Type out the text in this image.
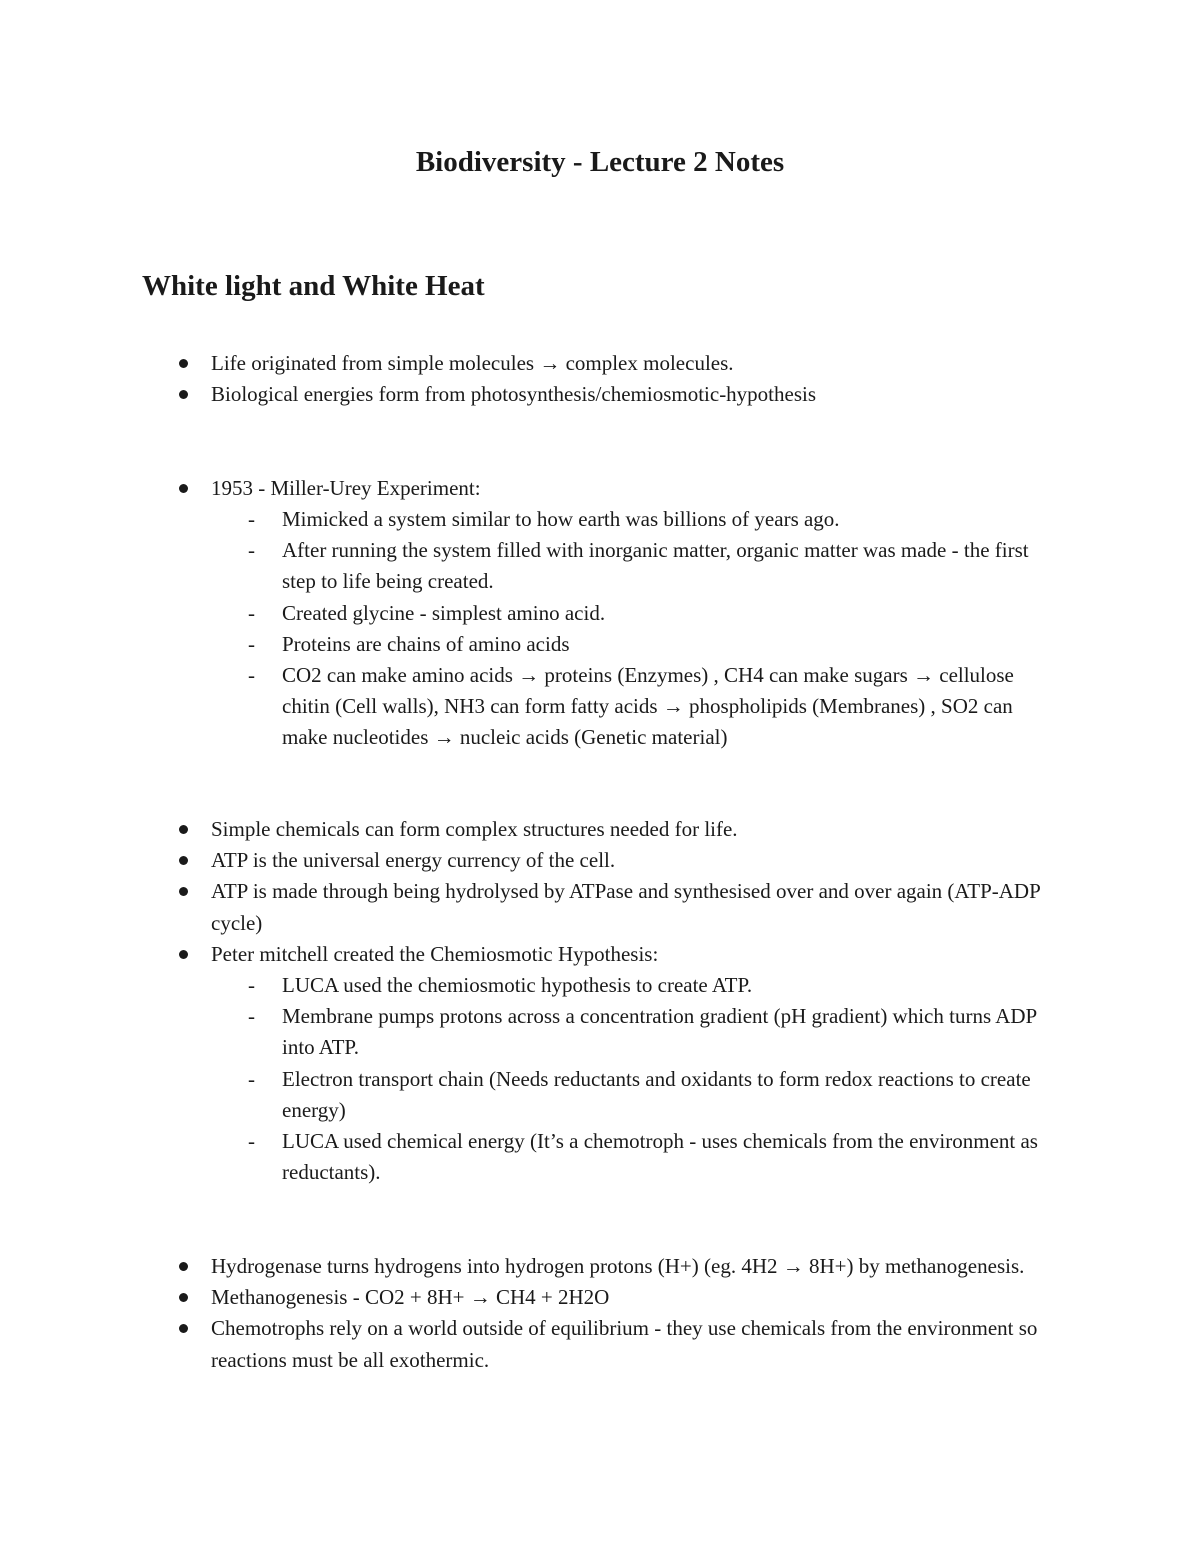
Biodiversity - Lecture 2 Notes
White light and White Heat
Life originated from simple molecules → complex molecules.
Biological energies form from photosynthesis/chemiosmotic-hypothesis
1953 - Miller-Urey Experiment:
- Mimicked a system similar to how earth was billions of years ago.
- After running the system filled with inorganic matter, organic matter was made - the first step to life being created.
- Created glycine - simplest amino acid.
- Proteins are chains of amino acids
- CO2 can make amino acids → proteins (Enzymes) , CH4 can make sugars → cellulose chitin (Cell walls), NH3 can form fatty acids → phospholipids (Membranes) , SO2 can make nucleotides → nucleic acids (Genetic material)
Simple chemicals can form complex structures needed for life.
ATP is the universal energy currency of the cell.
ATP is made through being hydrolysed by ATPase and synthesised over and over again (ATP-ADP cycle)
Peter mitchell created the Chemiosmotic Hypothesis:
- LUCA used the chemiosmotic hypothesis to create ATP.
- Membrane pumps protons across a concentration gradient (pH gradient) which turns ADP into ATP.
- Electron transport chain (Needs reductants and oxidants to form redox reactions to create energy)
- LUCA used chemical energy (It’s a chemotroph - uses chemicals from the environment as reductants).
Hydrogenase turns hydrogens into hydrogen protons (H+) (eg. 4H2 → 8H+) by methanogenesis.
Methanogenesis - CO2 + 8H+ → CH4 + 2H2O
Chemotrophs rely on a world outside of equilibrium - they use chemicals from the environment so reactions must be all exothermic.
